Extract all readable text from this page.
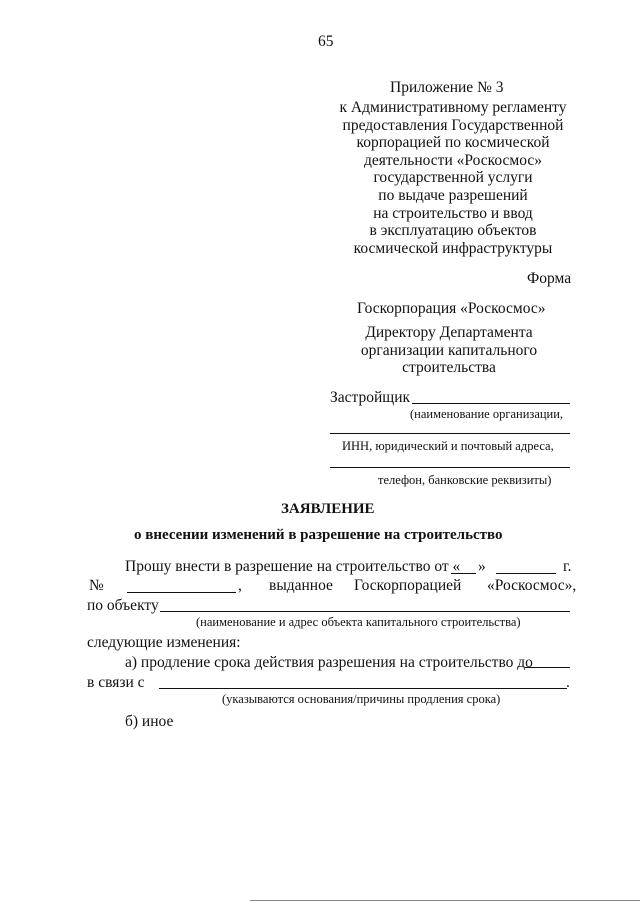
65
Приложение № 3
к Административному регламенту
предоставления Государственной
корпорацией по космической
деятельности «Роскосмос»
государственной услуги
по выдаче разрешений
на строительство и ввод
в эксплуатацию объектов
космической инфраструктуры
Форма
Госкорпорация «Роскосмос»
Директору Департамента
организации капитального
строительства
Застройщик
(наименование организации,
ИНН, юридический и почтовый адреса,
телефон, банковские реквизиты)
ЗАЯВЛЕНИЕ
о внесении изменений в разрешение на строительство
Прошу внести в разрешение на строительство от « »	г.
№	, выданное Госкорпорацией «Роскосмос»,
по объекту
(наименование и адрес объекта капитального строительства)
следующие изменения:
а) продление срока действия разрешения на строительство до
в связи с	.
(указываются основания/причины продления срока)
б) иное
